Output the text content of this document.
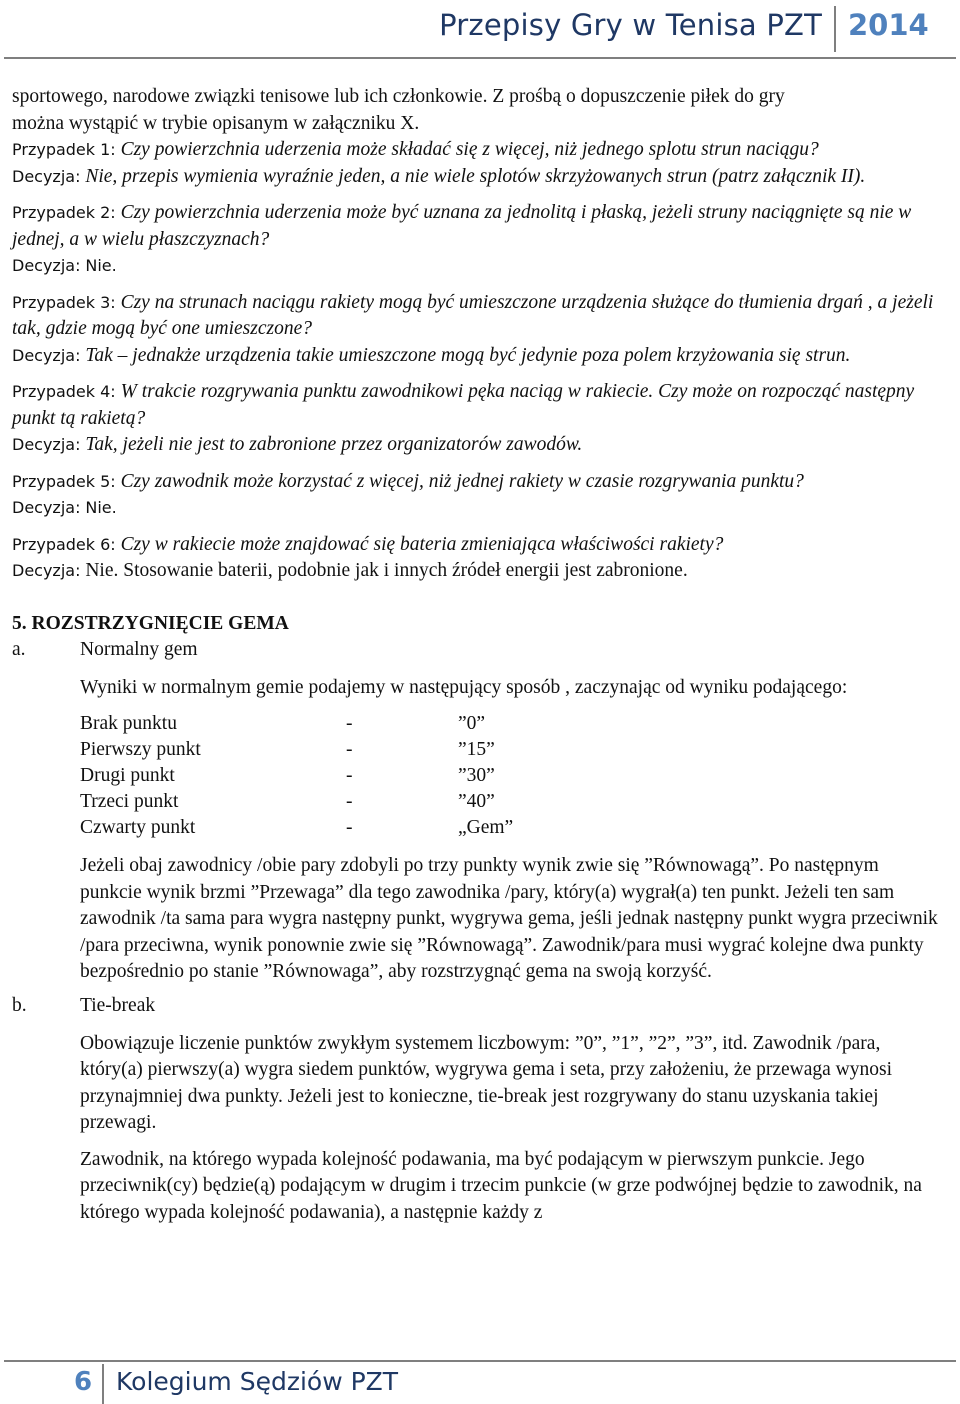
Przepisy Gry w Tenisa PZT 2014

sportowego, narodowe związki tenisowe lub ich członkowie. Z prośbą o dopuszczenie piłek do gry

można wystąpić w trybie opisanym w załączniku X.

Przypadek 1: Czy powierzchnia uderzenia może składać się z więcej, niż jednego splotu strun naciągu?

Decyzja: Nie, przepis wymienia wyraźnie jeden, a nie wiele splotów skrzyżowanych strun (patrz załącznik II).

Przypadek 2: Czy powierzchnia uderzenia może być uznana za jednolitą i płaską, jeżeli struny naciągnięte są nie w jednej, a w wielu płaszczyznach?

Decyzja: Nie.

Przypadek 3: Czy na strunach naciągu rakiety mogą być umieszczone urządzenia służące do tłumienia drgań , a jeżeli tak, gdzie mogą być one umieszczone?

Decyzja: Tak – jednakże urządzenia takie umieszczone mogą być jedynie poza polem krzyżowania się strun.

Przypadek 4: W trakcie rozgrywania punktu zawodnikowi pęka naciąg w rakiecie. Czy może on rozpocząć następny punkt tą rakietą?

Decyzja: Tak, jeżeli nie jest to zabronione przez organizatorów zawodów.

Przypadek 5: Czy zawodnik może korzystać z więcej, niż jednej rakiety w czasie rozgrywania punktu?

Decyzja: Nie.

Przypadek 6: Czy w rakiecie może znajdować się bateria zmieniająca właściwości rakiety?

Decyzja: Nie. Stosowanie baterii, podobnie jak i innych źródeł energii jest zabronione.

5. ROZSTRZYGNIĘCIE GEMA

a.	Normalny gem

Wyniki w normalnym gemie podajemy w następujący sposób , zaczynając od wyniku podającego:

Brak punktu	-	”0”
Pierwszy punkt	-	”15”
Drugi punkt	-	”30”
Trzeci punkt	-	”40”
Czwarty punkt	-	„Gem”

Jeżeli obaj zawodnicy /obie pary zdobyli po trzy punkty wynik zwie się ”Równowagą”. Po następnym punkcie wynik brzmi ”Przewaga” dla tego zawodnika /pary, który(a) wygrał(a) ten punkt. Jeżeli ten sam zawodnik /ta sama para wygra następny punkt, wygrywa gema, jeśli jednak następny punkt wygra przeciwnik /para przeciwna, wynik ponownie zwie się ”Równowagą”. Zawodnik/para musi wygrać kolejne dwa punkty bezpośrednio po stanie ”Równowaga”, aby rozstrzygnąć gema na swoją korzyść.

b.	Tie-break

Obowiązuje liczenie punktów zwykłym systemem liczbowym: ”0”, ”1”, ”2”, ”3”, itd. Zawodnik /para, który(a) pierwszy(a) wygra siedem punktów, wygrywa gema i seta, przy założeniu, że przewaga wynosi przynajmniej dwa punkty. Jeżeli jest to konieczne, tie-break jest rozgrywany do stanu uzyskania takiej przewagi.

Zawodnik, na którego wypada kolejność podawania, ma być podającym w pierwszym punkcie. Jego przeciwnik(cy) będzie(ą) podającym w drugim i trzecim punkcie (w grze podwójnej będzie to zawodnik, na którego wypada kolejność podawania), a następnie każdy z

6 Kolegium Sędziów PZT
